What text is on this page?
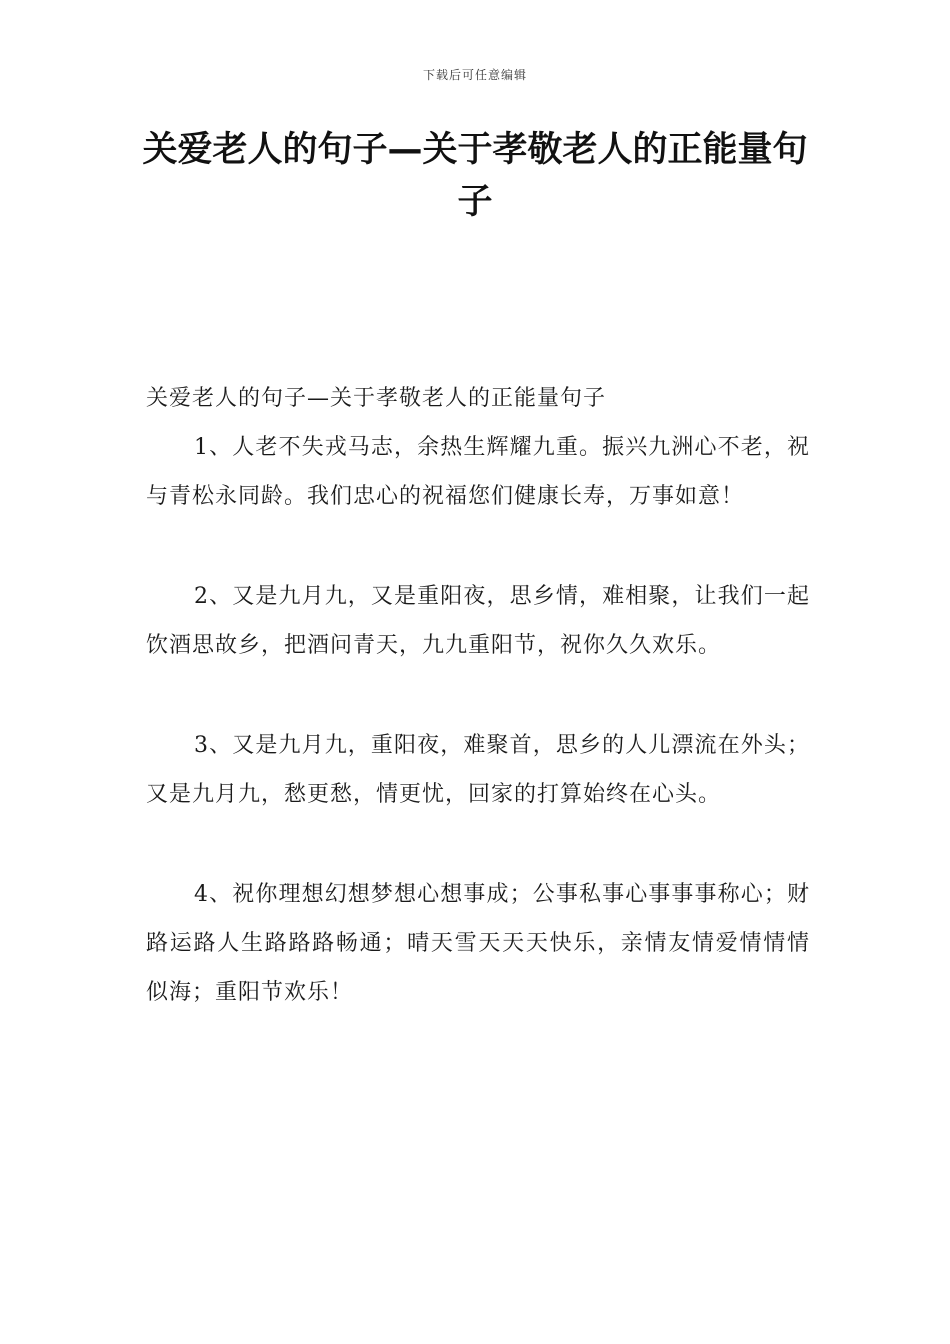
下载后可任意编辑
关爱老人的句子—关于孝敬老人的正能量句子

关爱老人的句子—关于孝敬老人的正能量句子

1、人老不失戎马志，余热生辉耀九重。振兴九洲心不老，祝与青松永同龄。我们忠心的祝福您们健康长寿，万事如意！

2、又是九月九，又是重阳夜，思乡情，难相聚，让我们一起饮酒思故乡，把酒问青天，九九重阳节，祝你久久欢乐。

3、又是九月九，重阳夜，难聚首，思乡的人儿漂流在外头； 又是九月九，愁更愁，情更忧，回家的打算始终在心头。

4、祝你理想幻想梦想心想事成；公事私事心事事事称心；财路运路人生路路路畅通；晴天雪天天天快乐，亲情友情爱情情情似海；重阳节欢乐！
